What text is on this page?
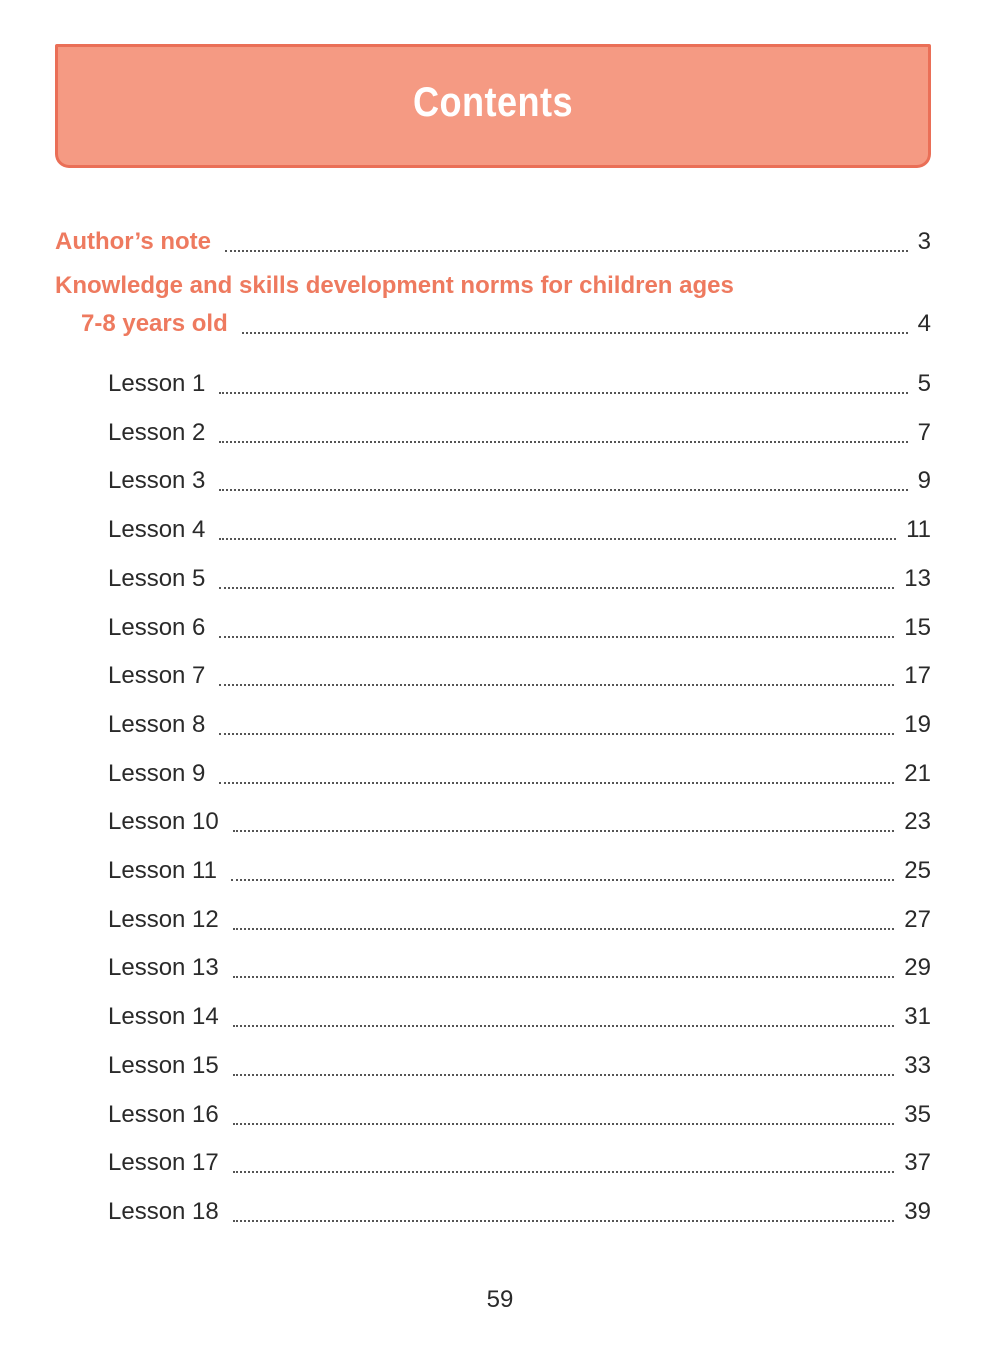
Contents
Author’s note	3
Knowledge and skills development norms for children ages
7-8 years old	4
Lesson 1	5
Lesson 2	7
Lesson 3	9
Lesson 4	11
Lesson 5	13
Lesson 6	15
Lesson 7	17
Lesson 8	19
Lesson 9	21
Lesson 10	23
Lesson 11	25
Lesson 12	27
Lesson 13	29
Lesson 14	31
Lesson 15	33
Lesson 16	35
Lesson 17	37
Lesson 18	39
59
